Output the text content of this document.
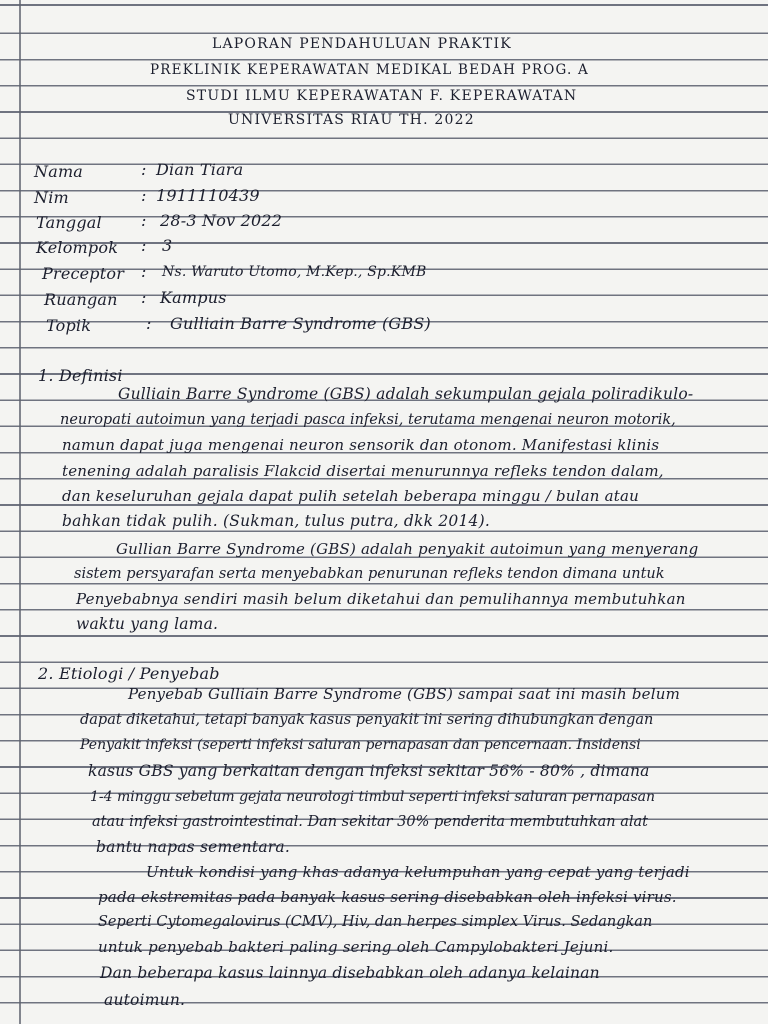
LAPORAN PENDAHULUAN PRAKTIK
PREKLINIK KEPERAWATAN MEDIKAL BEDAH PROG. A
STUDI ILMU KEPERAWATAN F. KEPERAWATAN
UNIVERSITAS RIAU TH. 2022
Nama	: Dian Tiara
Nim	: 1911110439
Tanggal : 28-3 Nov 2022
Kelompok : 3
Preceptor : Ns. Waruto Utomo, M.Kep., Sp.KMB
Ruangan : Kampus
Topik	: Gulliain Barre Syndrome (GBS)
1. Definisi
Gulliain Barre Syndrome (GBS) adalah sekumpulan gejala poliradikulo-
neuropati autoimun yang terjadi pasca infeksi, terutama mengenai neuron motorik,
namun dapat juga mengenai neuron sensorik dan otonom. Manifestasi klinis
tenening adalah paralisis Flakcid disertai menurunnya refleks tendon dalam,
dan keseluruhan gejala dapat pulih setelah beberapa minggu / bulan atau
bahkan tidak pulih. (Sukman, tulus putra, dkk 2014).
Gullian Barre Syndrome (GBS) adalah penyakit autoimun yang menyerang
sistem persyarafan serta menyebabkan penurunan refleks tendon dimana untuk
Penyebabnya sendiri masih belum diketahui dan pemulihannya membutuhkan
waktu yang lama.
2. Etiologi / Penyebab
Penyebab Gulliain Barre Syndrome (GBS) sampai saat ini masih belum
dapat diketahui, tetapi banyak kasus penyakit ini sering dihubungkan dengan
Penyakit infeksi (seperti infeksi saluran pernapasan dan pencernaan. Insidensi
kasus GBS yang berkaitan dengan infeksi sekitar 56% - 80% , dimana
1-4 minggu sebelum gejala neurologi timbul seperti infeksi saluran pernapasan
atau infeksi gastrointestinal. Dan sekitar 30% penderita membutuhkan alat
bantu napas sementara.
Untuk kondisi yang khas adanya kelumpuhan yang cepat yang terjadi
pada ekstremitas pada banyak kasus sering disebabkan oleh infeksi virus.
Seperti Cytomegalovirus (CMV), Hiv, dan herpes simplex Virus. Sedangkan
untuk penyebab bakteri paling sering oleh Campylobakteri Jejuni.
Dan beberapa kasus lainnya disebabkan oleh adanya kelainan
autoimun.
